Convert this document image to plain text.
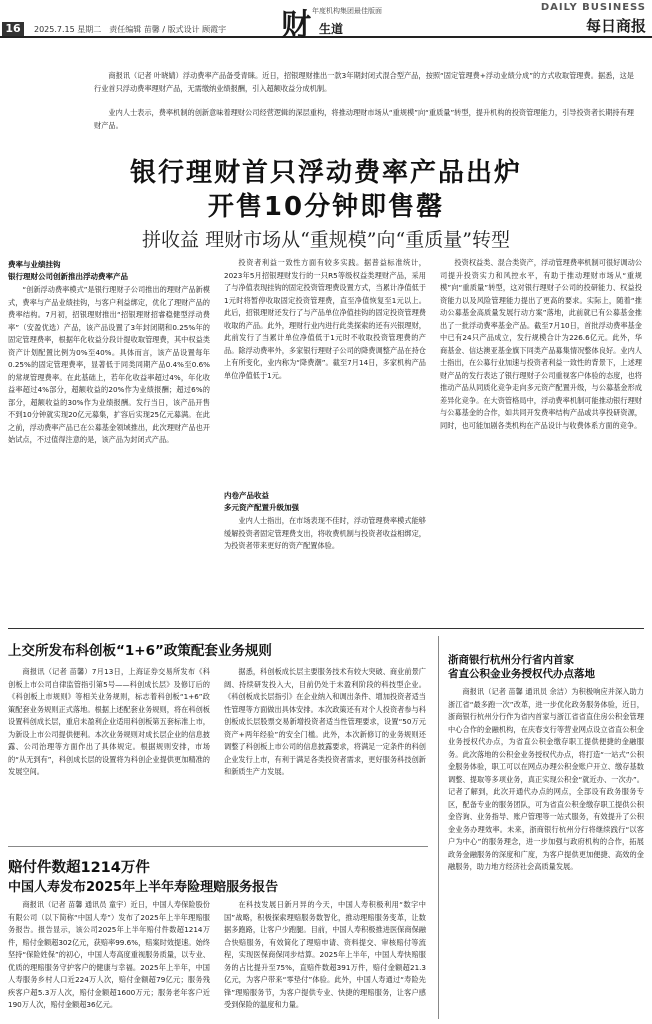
16	2025.7.15 星期二　责任编辑 苗馨 / 版式设计 顾霞宇 财 年度机构集团最佳版面
生道
DAILY BUSINESS
每日商报
商报讯（记者 叶晓婧）浮动费率产品备受青睐。近日，招银理财推出一款3年期封闭式混合型产品，按照“固定管理费+浮动业绩分成”的方式收取管理费。据悉，这是行业首只浮动费率理财产品，无需缴纳业绩报酬，引入超额收益分成机制。
业内人士表示，费率机制的创新意味着理财公司经营逻辑的深层重构，将推动理财市场从“重规模”向“重质量”转型，提升机构的投资管理能力，引导投资者长期持有理财产品。
银行理财首只浮动费率产品出炉
开售10分钟即售罄
拼收益 理财市场从“重规模”向“重质量”转型
费率与业绩挂钩
银行理财公司创新推出浮动费率产品
“创新浮动费率模式”是银行理财子公司推出的理财产品新模式，费率与产品业绩挂钩，与客户利益绑定，优化了理财产品的费率结构。7月初，招银理财推出“招银理财招睿稳健型浮动费率”（安盈优选）产品，该产品设置了3年封闭期和0.25%年的固定管理费率，根据年化收益分段计提收取管理费，其中权益类资产计划配置比例为0%至40%。具体而言，该产品设置每年0.25%的固定管理费率，显著低于同类同期产品0.4%至0.6%的常规管理费率。在此基础上，若年化收益率超过4%，年化收益率超过4%部分，超额收益的20%作为业绩报酬；超过6%的部分，超额收益的30%作为业绩报酬。发行当日，该产品开售不到10分钟就实现20亿元募集，扩容后实现25亿元募满。在此之前，浮动费率产品已在公募基金领域推出，此次理财产品也开始试点，不过值得注意的是，该产品为封闭式产品。
投资者利益一致性方面有较多实践。据普益标准统计，2023年5月招银理财发行的一只R5等级权益类理财产品，采用了与净值表现挂钩的固定投资管理费设置方式，当累计净值低于1元时将暂停收取固定投资管理费，直至净值恢复至1元以上。此后，招银理财还发行了与产品单位净值挂钩的固定投资管理费收取的产品。此外，理财行业内进行此类探索的还有兴银理财，此前发行了当累计单位净值低于1元时不收取投资管理费的产品。除浮动费率外，多家银行理财子公司的降费调整产品在持仓上有所变化，业内称为“降费潮”。截至7月14日，多家机构产品单位净值低于1元。
内卷产品收益
多元资产配置升级加强
业内人士指出，在市场表现不佳时，浮动管理费率模式能够缓解投资者固定管理费支出，将收费机制与投资者收益相绑定，为投资者带来更好的资产配置体验。
投资权益类、混合类资产，浮动管理费率机制可很好调动公司提升投资实力和风控水平，有助于推动理财市场从“重规模”向“重质量”转型，这对银行理财子公司的投研能力、权益投资能力以及风险管理能力提出了更高的要求。实际上，随着“推动公募基金高质量发展行动方案”落地，此前就已有公募基金推出了一批浮动费率基金产品。截至7月10日，首批浮动费率基金中已有24只产品成立，发行规模合计为226.6亿元。此外，华商基金、信达澳亚基金旗下同类产品募集情况整体良好。业内人士指出，在公募行业加速与投资者利益一致性的背景下，上述理财产品的发行表达了银行理财子公司重视客户体验的态度，也将推动产品从同质化竞争走向多元资产配置升级，与公募基金形成差异化竞争。在大资管格局中，浮动费率机制可能推动银行理财与公募基金的合作，如共同开发费率结构产品或共享投研资源，同时，也可能加剧各类机构在产品设计与收费体系方面的竞争。
上交所发布科创板“1+6”政策配套业务规则
商报讯（记者 苗馨）7月13日，上海证券交易所发布《科创板上市公司自律监管指引第5号——科创成长层》及修订后的《科创板上市规则》等相关业务规则，标志着科创板“1+6”政策配套业务规则正式落地。根据上述配套业务规则，将在科创板设置科创成长层，重启未盈利企业适用科创板第五套标准上市，为新设上市公司提供便利。本次业务规则对成长层企业的信息披露、公司治理等方面作出了具体规定。根据规则安排，市场的“从无到有”，科创成长层的设置将为科创企业提供更加精准的发展空间。
据悉，科创板成长层主要服务技术有较大突破、商业前景广阔、持续研发投入大，目前仍处于未盈利阶段的科技型企业。《科创板成长层指引》在企业纳入和调出条件、增加投资者适当性管理等方面做出具体安排。本次政策还有对个人投资者参与科创板成长层股票交易新增投资者适当性管理要求，设置“50万元资产+两年经验”的安全门槛。此外，本次新修订的业务规则还调整了科创板上市公司的信息披露要求，将满足一定条件的科创企业发行上市，有利于满足各类投资者需求，更好服务科技创新和新质生产力发展。
赔付件数超1214万件
中国人寿发布2025年上半年寿险理赔服务报告
商报讯（记者 苗馨 通讯员 童宇）近日，中国人寿保险股份有限公司（以下简称“中国人寿”）发布了2025年上半年理赔服务报告。报告显示，该公司2025年上半年赔付件数超1214万件，赔付金额超302亿元，获赔率99.6%，赔案时效提速。始终坚持“保险姓保”的初心，中国人寿高度重视服务质量，以专业、优质的理赔服务守护客户的健康与幸福。2025年上半年，中国人寿服务乡村人口近224万人次，赔付金额超79亿元；服务残疾客户超5.3万人次，赔付金额超1600万元；服务老年客户近190万人次，赔付金额超36亿元。
在科技发展日新月异的今天，中国人寿积极利用“数字中国”战略，积极探索理赔服务数智化，推动理赔服务变革，让数据多跑路，让客户少跑腿。目前，中国人寿积极推进医保商保融合快赔服务，有效简化了理赔申请、资料提交、审核赔付等流程，实现医保商保同步结算。2025年上半年，中国人寿快赔服务的占比提升至75%，直赔件数超391万件，赔付金额超21.3亿元，为客户带来“零垫付”体验。此外，中国人寿通过“寿险先锋”理赔服务节，为客户提供专业、快捷的理赔服务，让客户感受到保险的温度和力量。
浙商银行杭州分行省内首家
省直公积金业务授权代办点落地
商报讯（记者 苗馨 通讯员 余洁）为积极响应并深入助力浙江省“最多跑一次”改革，进一步优化政务服务体验，近日，浙商银行杭州分行作为省内首家与浙江省省直住房公积金管理中心合作的金融机构，在庆春支行等营业网点设立省直公积金业务授权代办点，为省直公积金缴存职工提供便捷的金融服务。此次落地的公积金业务授权代办点，将打造“一站式”公积金服务体验，职工可以在网点办理公积金账户开立、缴存基数调整、提取等多项业务，真正实现公积金“就近办、一次办”。记者了解到，此次开通代办点的网点，全部设有政务服务专区，配备专业的服务团队，可为省直公积金缴存职工提供公积金咨询、业务指导、账户管理等一站式服务，有效提升了公积金业务办理效率。未来，浙商银行杭州分行将继续践行“以客户为中心”的服务理念，进一步加强与政府机构的合作，拓展政务金融服务的深度和广度，为客户提供更加便捷、高效的金融服务，助力地方经济社会高质量发展。
